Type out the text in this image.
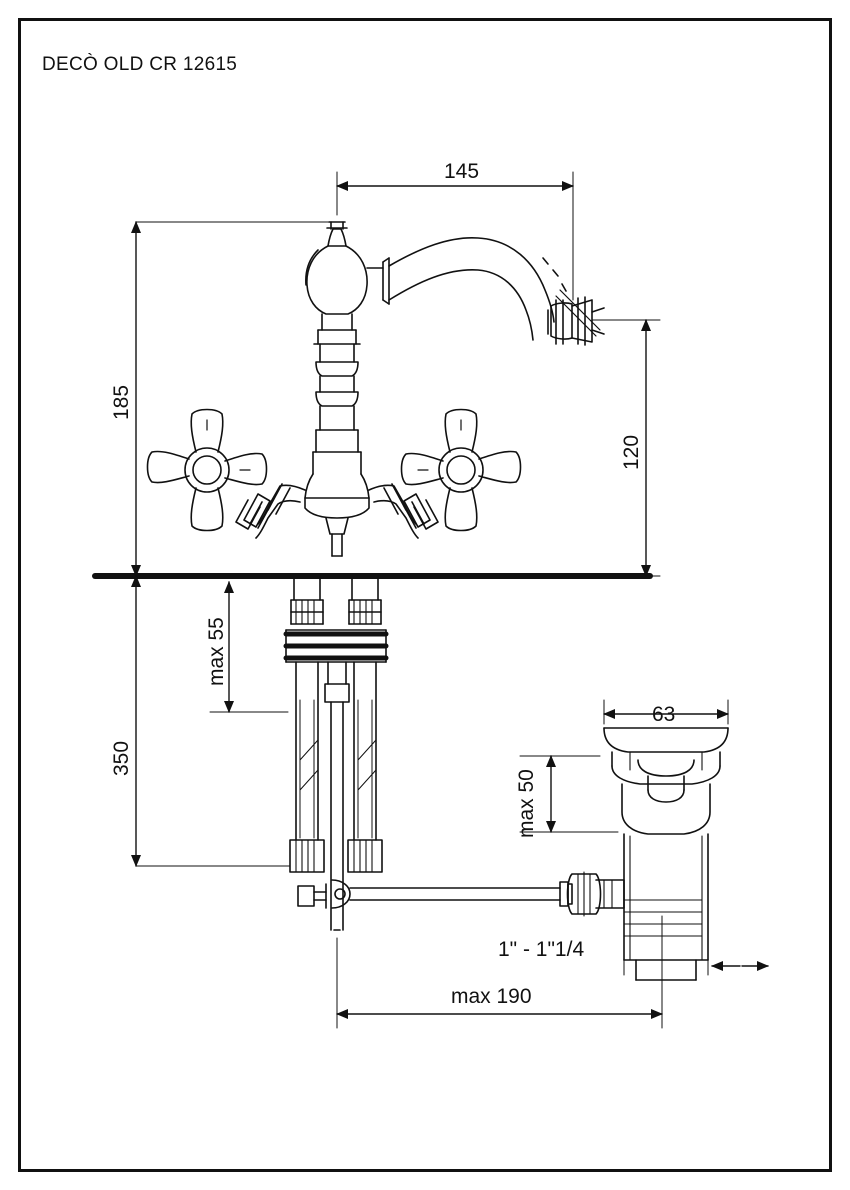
DECÒ OLD CR 12615
145
185
350
120
max 55
63
max 50
1" - 1"1/4
max 190
